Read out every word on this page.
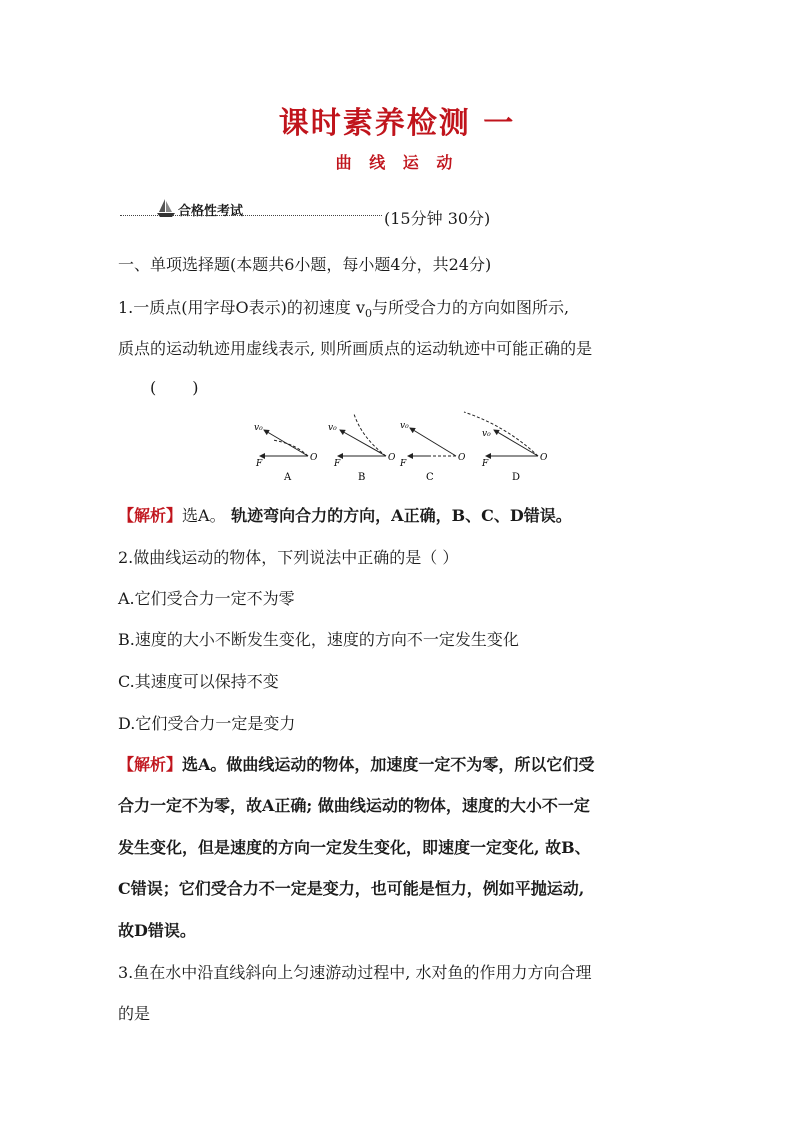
课时素养检测 一
曲 线 运 动
合格性考试	(15分钟 30分)
一、单项选择题(本题共6小题，每小题4分，共24分)
1.一质点(用字母O表示)的初速度 $v_0$与所受合力的方向如图所示,
质点的运动轨迹用虚线表示, 则所画质点的运动轨迹中可能正确的是
( )
v₀
F
O
A
v₀
F
O
B
v₀
F
O
C
v₀
F
O
D
【解析】选A。 轨迹弯向合力的方向，A正确，B、C、D错误。
2.做曲线运动的物体，下列说法中正确的是（ ）
A.它们受合力一定不为零
B.速度的大小不断发生变化，速度的方向不一定发生变化
C.其速度可以保持不变
D.它们受合力一定是变力
【解析】选A。做曲线运动的物体，加速度一定不为零，所以它们受
合力一定不为零，故A正确; 做曲线运动的物体，速度的大小不一定
发生变化，但是速度的方向一定发生变化，即速度一定变化, 故B、
C错误；它们受合力不一定是变力，也可能是恒力，例如平抛运动,
故D错误。
3.鱼在水中沿直线斜向上匀速游动过程中, 水对鱼的作用力方向合理
的是
